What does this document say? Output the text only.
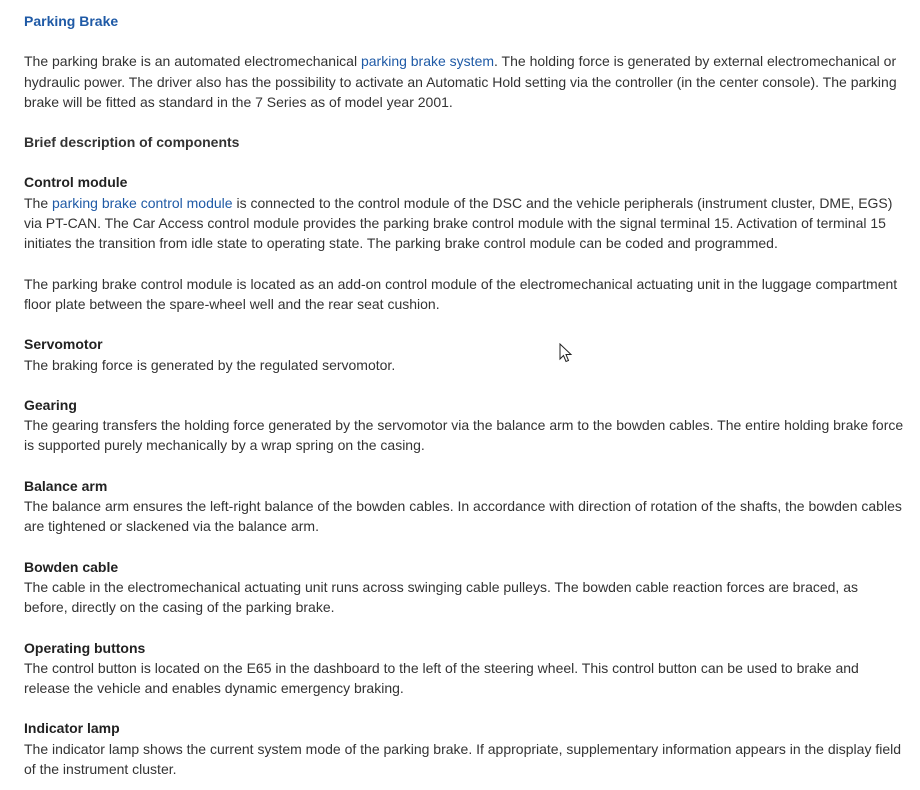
Parking Brake

The parking brake is an automated electromechanical parking brake system. The holding force is generated by external electromechanical or hydraulic power. The driver also has the possibility to activate an Automatic Hold setting via the controller (in the center console). The parking brake will be fitted as standard in the 7 Series as of model year 2001.

Brief description of components
Control module
The parking brake control module is connected to the control module of the DSC and the vehicle peripherals (instrument cluster, DME, EGS) via PT-CAN. The Car Access control module provides the parking brake control module with the signal terminal 15. Activation of terminal 15 initiates the transition from idle state to operating state. The parking brake control module can be coded and programmed.

The parking brake control module is located as an add-on control module of the electromechanical actuating unit in the luggage compartment floor plate between the spare-wheel well and the rear seat cushion.

Servomotor
The braking force is generated by the regulated servomotor.
Gearing
The gearing transfers the holding force generated by the servomotor via the balance arm to the bowden cables. The entire holding brake force is supported purely mechanically by a wrap spring on the casing.
Balance arm
The balance arm ensures the left-right balance of the bowden cables. In accordance with direction of rotation of the shafts, the bowden cables are tightened or slackened via the balance arm.
Bowden cable
The cable in the electromechanical actuating unit runs across swinging cable pulleys. The bowden cable reaction forces are braced, as before, directly on the casing of the parking brake.
Operating buttons
The control button is located on the E65 in the dashboard to the left of the steering wheel. This control button can be used to brake and release the vehicle and enables dynamic emergency braking.
Indicator lamp
The indicator lamp shows the current system mode of the parking brake. If appropriate, supplementary information appears in the display field of the instrument cluster.
